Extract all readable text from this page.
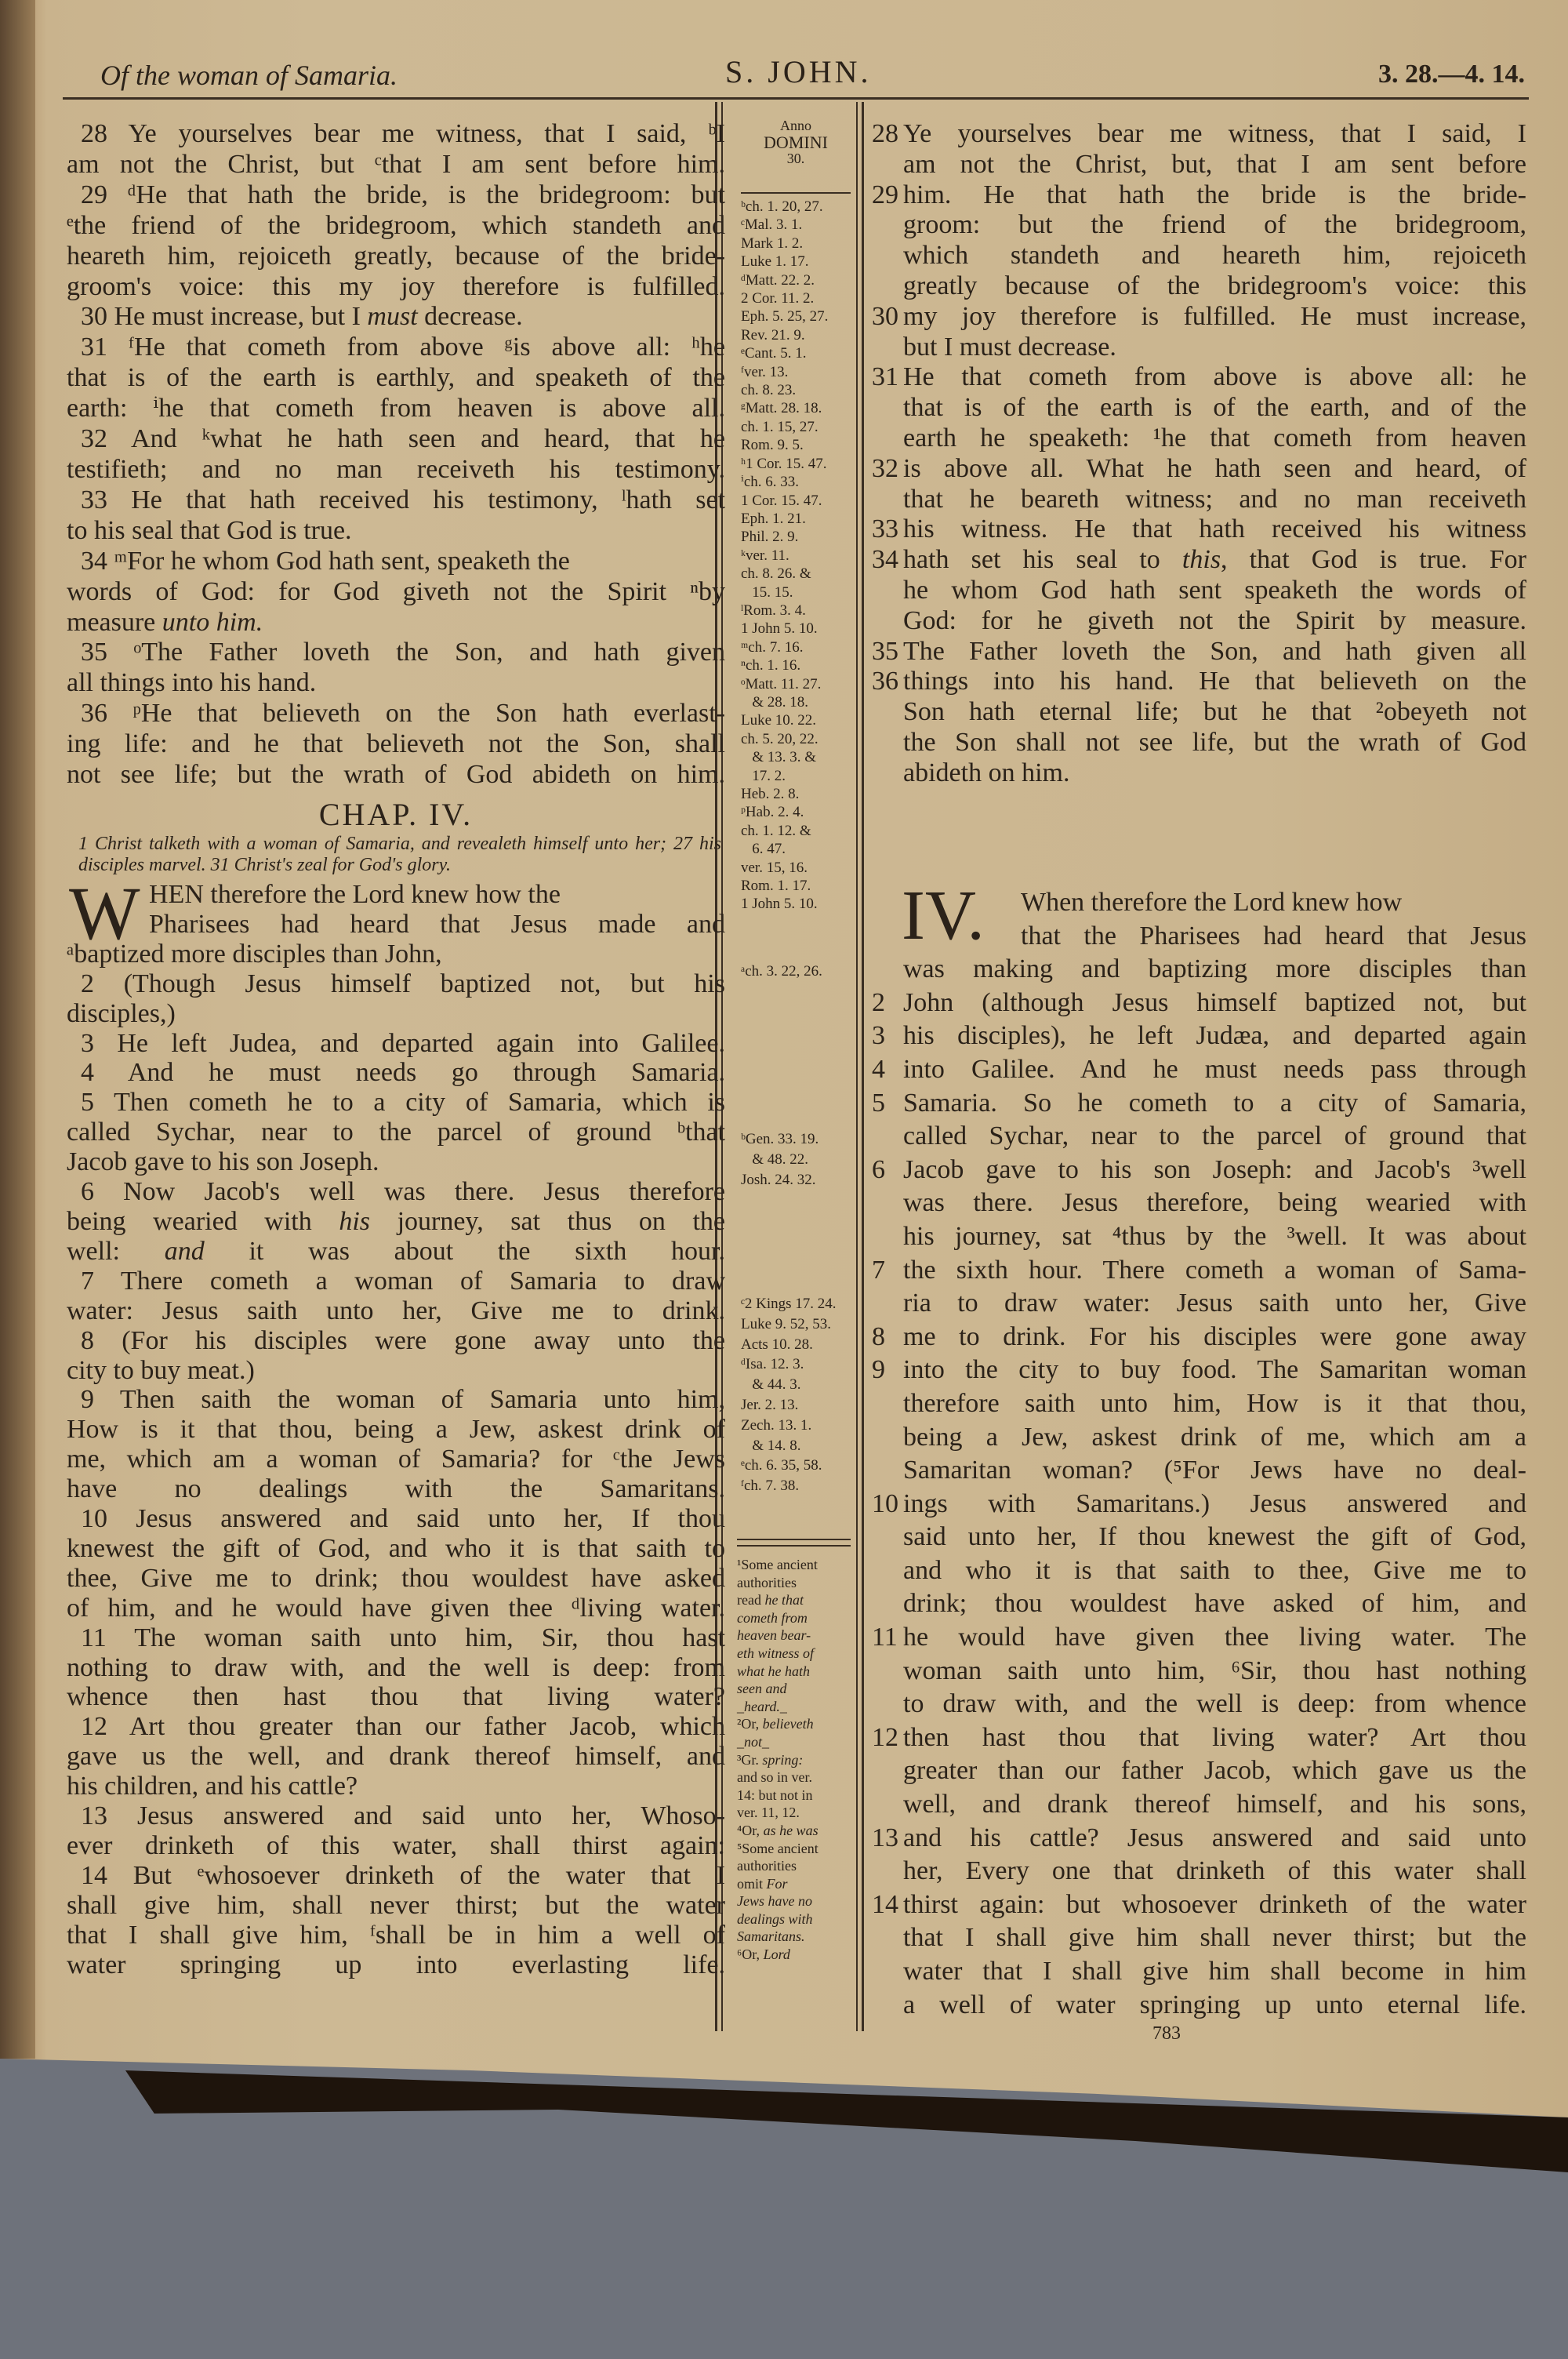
Of the woman of Samaria.	S. JOHN.	3. 28.—4. 14.
Anno
DOMINI
30.
ᵇch. 1. 20, 27.
ᶜMal. 3. 1.
Mark 1. 2.
Luke 1. 17.
ᵈMatt. 22. 2.
2 Cor. 11. 2.
Eph. 5. 25, 27.
Rev. 21. 9.
ᵉCant. 5. 1.
ᶠver. 13.
ch. 8. 23.
ᵍMatt. 28. 18.
ch. 1. 15, 27.
Rom. 9. 5.
ʰ1 Cor. 15. 47.
ⁱch. 6. 33.
1 Cor. 15. 47.
Eph. 1. 21.
Phil. 2. 9.
ᵏver. 11.
ch. 8. 26. &
15. 15.
ˡRom. 3. 4.
1 John 5. 10.
ᵐch. 7. 16.
ⁿch. 1. 16.
ᵒMatt. 11. 27.
& 28. 18.
Luke 10. 22.
ch. 5. 20, 22.
& 13. 3. &
17. 2.
Heb. 2. 8.
ᵖHab. 2. 4.
ch. 1. 12. &
6. 47.
ver. 15, 16.
Rom. 1. 17.
1 John 5. 10.
ᵃch. 3. 22, 26.
ᵇGen. 33. 19.
& 48. 22.
Josh. 24. 32.
ᶜ2 Kings 17. 24.
Luke 9. 52, 53.
Acts 10. 28.
ᵈIsa. 12. 3.
& 44. 3.
Jer. 2. 13.
Zech. 13. 1.
& 14. 8.
ᵉch. 6. 35, 58.
ᶠch. 7. 38.
¹Some ancient
authorities
read he that
cometh from
heaven bear-
eth witness of
what he hath
seen and
_heard._
²Or, believeth
_not_
³Gr. spring:
and so in ver.
14: but not in
ver. 11, 12.
⁴Or, as he was
⁵Some ancient
authorities
omit For
Jews have no
dealings with
Samaritans.
⁶Or, Lord
28 Ye yourselves bear me witness, that I said, ᵇI
am not the Christ, but ᶜthat I am sent before him.
29 ᵈHe that hath the bride, is the bridegroom: but
ᵉthe friend of the bridegroom, which standeth and
heareth him, rejoiceth greatly, because of the bride-
groom's voice: this my joy therefore is fulfilled.
30 He must increase, but I must decrease.
31 ᶠHe that cometh from above ᵍis above all: ʰhe
that is of the earth is earthly, and speaketh of the
earth: ⁱhe that cometh from heaven is above all.
32 And ᵏwhat he hath seen and heard, that he
testifieth; and no man receiveth his testimony.
33 He that hath received his testimony, ˡhath set
to his seal that God is true.
34 ᵐFor he whom God hath sent, speaketh the
words of God: for God giveth not the Spirit ⁿby
measure unto him.
35 ᵒThe Father loveth the Son, and hath given
all things into his hand.
36 ᵖHe that believeth on the Son hath everlast-
ing life: and he that believeth not the Son, shall
not see life; but the wrath of God abideth on him.
CHAP. IV.
1 Christ talketh with a woman of Samaria, and revealeth himself unto her; 27 his disciples marvel. 31 Christ's zeal for God's glory.
W HEN therefore the Lord knew how the
Pharisees had heard that Jesus made and
ᵃbaptized more disciples than John,
2 (Though Jesus himself baptized not, but his
disciples,)
3 He left Judea, and departed again into Galilee.
4 And he must needs go through Samaria.
5 Then cometh he to a city of Samaria, which is
called Sychar, near to the parcel of ground ᵇthat
Jacob gave to his son Joseph.
6 Now Jacob's well was there. Jesus therefore
being wearied with his journey, sat thus on the
well: and it was about the sixth hour.
7 There cometh a woman of Samaria to draw
water: Jesus saith unto her, Give me to drink.
8 (For his disciples were gone away unto the
city to buy meat.)
9 Then saith the woman of Samaria unto him,
How is it that thou, being a Jew, askest drink of
me, which am a woman of Samaria? for ᶜthe Jews
have no dealings with the Samaritans.
10 Jesus answered and said unto her, If thou
knewest the gift of God, and who it is that saith to
thee, Give me to drink; thou wouldest have asked
of him, and he would have given thee ᵈliving water.
11 The woman saith unto him, Sir, thou hast
nothing to draw with, and the well is deep: from
whence then hast thou that living water?
12 Art thou greater than our father Jacob, which
gave us the well, and drank thereof himself, and
his children, and his cattle?
13 Jesus answered and said unto her, Whoso-
ever drinketh of this water, shall thirst again:
14 But ᵉwhosoever drinketh of the water that I
shall give him, shall never thirst; but the water
that I shall give him, ᶠshall be in him a well of
water springing up into everlasting life.
28 Ye yourselves bear me witness, that I said, I
am not the Christ, but, that I am sent before
29 him. He that hath the bride is the bride-
groom: but the friend of the bridegroom,
which standeth and heareth him, rejoiceth
greatly because of the bridegroom's voice: this
30 my joy therefore is fulfilled. He must increase,
but I must decrease.
31 He that cometh from above is above all: he
that is of the earth is of the earth, and of the
earth he speaketh: ¹he that cometh from heaven
32 is above all. What he hath seen and heard, of
that he beareth witness; and no man receiveth
33 his witness. He that hath received his witness
34 hath set his seal to this, that God is true. For
he whom God hath sent speaketh the words of
God: for he giveth not the Spirit by measure.
35 The Father loveth the Son, and hath given all
36 things into his hand. He that believeth on the
Son hath eternal life; but he that ²obeyeth not
the Son shall not see life, but the wrath of God
abideth on him.
IV.	When therefore the Lord knew how
that the Pharisees had heard that Jesus
was making and baptizing more disciples than
2 John (although Jesus himself baptized not, but
3 his disciples), he left Judæa, and departed again
4 into Galilee. And he must needs pass through
5 Samaria. So he cometh to a city of Samaria,
called Sychar, near to the parcel of ground that
6 Jacob gave to his son Joseph: and Jacob's ³well
was there. Jesus therefore, being wearied with
his journey, sat ⁴thus by the ³well. It was about
7 the sixth hour. There cometh a woman of Sama-
ria to draw water: Jesus saith unto her, Give
8 me to drink. For his disciples were gone away
9 into the city to buy food. The Samaritan woman
therefore saith unto him, How is it that thou,
being a Jew, askest drink of me, which am a
Samaritan woman? (⁵For Jews have no deal-
10 ings with Samaritans.) Jesus answered and
said unto her, If thou knewest the gift of God,
and who it is that saith to thee, Give me to
drink; thou wouldest have asked of him, and
11 he would have given thee living water. The
woman saith unto him, ⁶Sir, thou hast nothing
to draw with, and the well is deep: from whence
12 then hast thou that living water? Art thou
greater than our father Jacob, which gave us the
well, and drank thereof himself, and his sons,
13 and his cattle? Jesus answered and said unto
her, Every one that drinketh of this water shall
14 thirst again: but whosoever drinketh of the water
that I shall give him shall never thirst; but the
water that I shall give him shall become in him
a well of water springing up unto eternal life.
783
